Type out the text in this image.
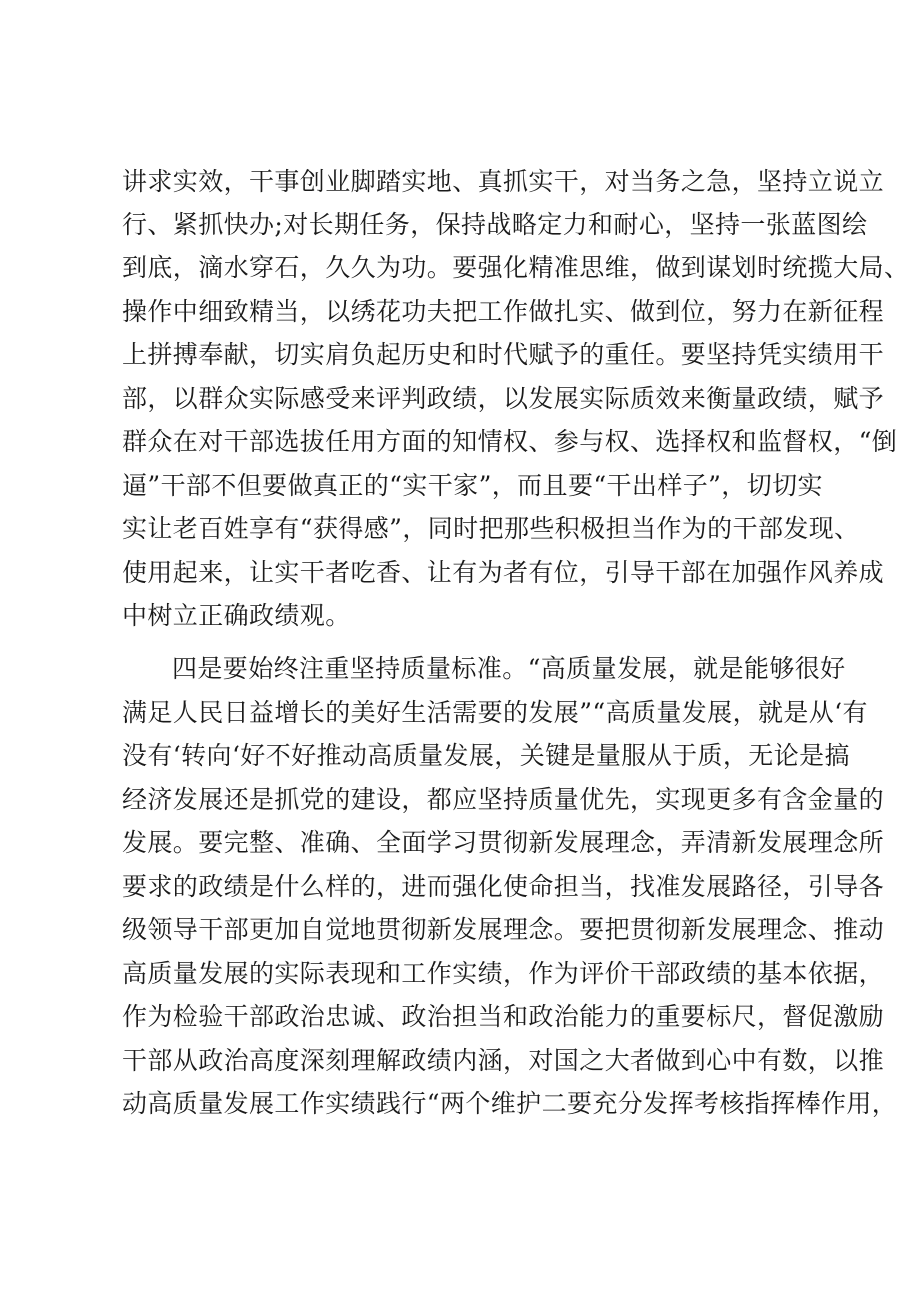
讲求实效，干事创业脚踏实地、真抓实干，对当务之急，坚持立说立
行、紧抓快办;对长期任务，保持战略定力和耐心，坚持一张蓝图绘
到底，滴水穿石，久久为功。要强化精准思维，做到谋划时统揽大局、
操作中细致精当，以绣花功夫把工作做扎实、做到位，努力在新征程
上拼搏奉献，切实肩负起历史和时代赋予的重任。要坚持凭实绩用干
部，以群众实际感受来评判政绩，以发展实际质效来衡量政绩，赋予
群众在对干部选拔任用方面的知情权、参与权、选择权和监督权，“倒
逼”干部不但要做真正的“实干家”，而且要“干出样子”，切切实
实让老百姓享有“获得感”，同时把那些积极担当作为的干部发现、
使用起来，让实干者吃香、让有为者有位，引导干部在加强作风养成
中树立正确政绩观。
四是要始终注重坚持质量标准。“高质量发展，就是能够很好
满足人民日益增长的美好生活需要的发展”“高质量发展，就是从‘有
没有‘转向‘好不好推动高质量发展，关键是量服从于质，无论是搞
经济发展还是抓党的建设，都应坚持质量优先，实现更多有含金量的
发展。要完整、准确、全面学习贯彻新发展理念，弄清新发展理念所
要求的政绩是什么样的，进而强化使命担当，找准发展路径，引导各
级领导干部更加自觉地贯彻新发展理念。要把贯彻新发展理念、推动
高质量发展的实际表现和工作实绩，作为评价干部政绩的基本依据，
作为检验干部政治忠诚、政治担当和政治能力的重要标尺，督促激励
干部从政治高度深刻理解政绩内涵，对国之大者做到心中有数，以推
动高质量发展工作实绩践行“两个维护二要充分发挥考核指挥棒作用，
